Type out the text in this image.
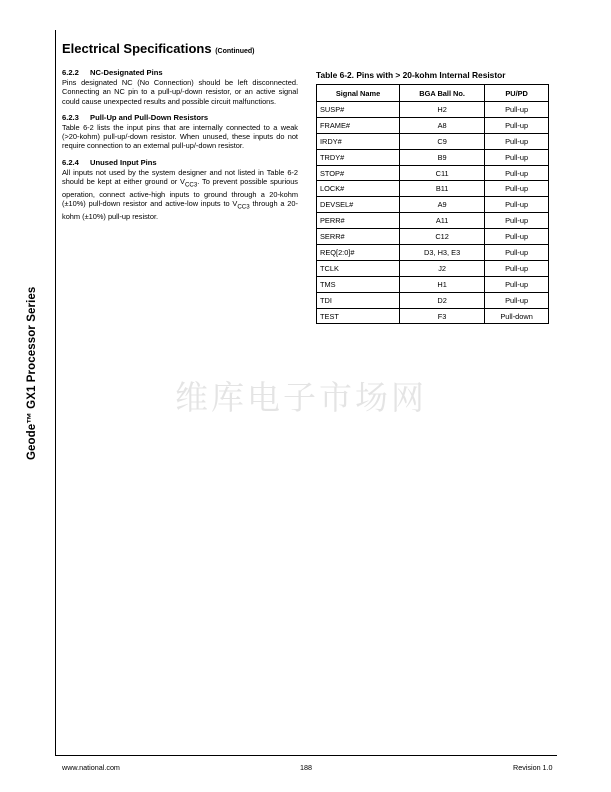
Geode™ GX1 Processor Series
Electrical Specifications (Continued)
6.2.2 NC-Designated Pins

Pins designated NC (No Connection) should be left disconnected. Connecting an NC pin to a pull-up/-down resistor, or an active signal could cause unexpected results and possible circuit malfunctions.

6.2.3 Pull-Up and Pull-Down Resistors

Table 6-2 lists the input pins that are internally connected to a weak (>20-kohm) pull-up/-down resistor. When unused, these inputs do not require connection to an external pull-up/-down resistor.

6.2.4 Unused Input Pins

All inputs not used by the system designer and not listed in Table 6-2 should be kept at either ground or $V_{CC3}$. To prevent possible spurious operation, connect active-high inputs to ground through a 20-kohm (±10%) pull-down resistor and active-low inputs to $V_{CC3}$ through a 20-kohm (±10%) pull-up resistor.

Table 6-2. Pins with > 20-kohm Internal Resistor
Signal Name	BGA Ball No.	PU/PD
SUSP#	H2	Pull-up
FRAME#	A8	Pull-up
IRDY#	C9	Pull-up
TRDY#	B9	Pull-up
STOP#	C11	Pull-up
LOCK#	B11	Pull-up
DEVSEL#	A9	Pull-up
PERR#	A11	Pull-up
SERR#	C12	Pull-up
REQ[2:0]#	D3, H3, E3	Pull-up
TCLK	J2	Pull-up
TMS	H1	Pull-up
TDI	D2	Pull-up
TEST	F3	Pull-down
维库电子市场网
www.national.com	188	Revision 1.0
